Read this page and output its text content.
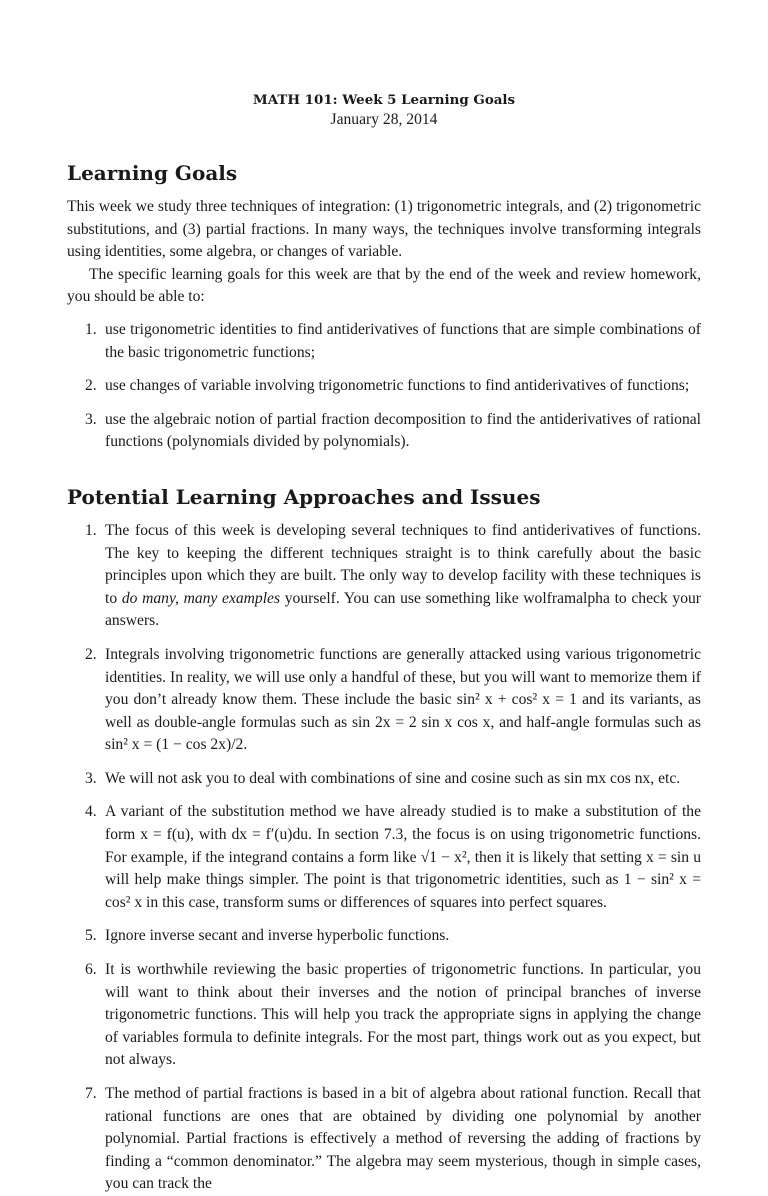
MATH 101: Week 5 Learning Goals
January 28, 2014
Learning Goals

This week we study three techniques of integration: (1) trigonometric integrals, and (2) trigonometric substitutions, and (3) partial fractions. In many ways, the techniques involve transforming integrals using identities, some algebra, or changes of variable.

The specific learning goals for this week are that by the end of the week and review homework, you should be able to:

1. use trigonometric identities to find antiderivatives of functions that are simple combinations of the basic trigonometric functions;
2. use changes of variable involving trigonometric functions to find antiderivatives of functions;
3. use the algebraic notion of partial fraction decomposition to find the antiderivatives of rational functions (polynomials divided by polynomials).
Potential Learning Approaches and Issues
1. The focus of this week is developing several techniques to find antiderivatives of functions. The key to keeping the different techniques straight is to think carefully about the basic principles upon which they are built. The only way to develop facility with these techniques is to do many, many examples yourself. You can use something like wolframalpha to check your answers.
2. Integrals involving trigonometric functions are generally attacked using various trigonometric identities. In reality, we will use only a handful of these, but you will want to memorize them if you don’t already know them. These include the basic sin² x + cos² x = 1 and its variants, as well as double-angle formulas such as sin 2x = 2 sin x cos x, and half-angle formulas such as sin² x = (1 − cos 2x)/2.
3. We will not ask you to deal with combinations of sine and cosine such as sin mx cos nx, etc.
4. A variant of the substitution method we have already studied is to make a substitution of the form x = f(u), with dx = f′(u)du. In section 7.3, the focus is on using trigonometric functions. For example, if the integrand contains a form like √1 − x², then it is likely that setting x = sin u will help make things simpler. The point is that trigonometric identities, such as 1 − sin² x = cos² x in this case, transform sums or differences of squares into perfect squares.
5. Ignore inverse secant and inverse hyperbolic functions.
6. It is worthwhile reviewing the basic properties of trigonometric functions. In particular, you will want to think about their inverses and the notion of principal branches of inverse trigonometric functions. This will help you track the appropriate signs in applying the change of variables formula to definite integrals. For the most part, things work out as you expect, but not always.
7. The method of partial fractions is based in a bit of algebra about rational function. Recall that rational functions are ones that are obtained by dividing one polynomial by another polynomial. Partial fractions is effectively a method of reversing the adding of fractions by finding a “common denominator.” The algebra may seem mysterious, though in simple cases, you can track the
